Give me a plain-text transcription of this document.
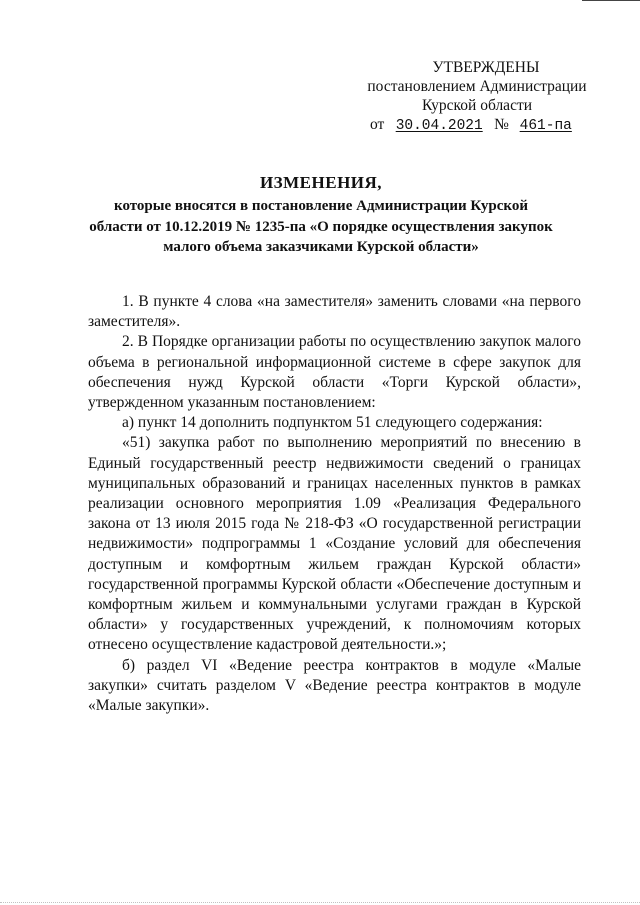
УТВЕРЖДЕНЫ
постановлением Администрации
Курской области
от 30.04.2021 № 461-па
ИЗМЕНЕНИЯ,
которые вносятся в постановление Администрации Курской области от 10.12.2019 № 1235-па «О порядке осуществления закупок малого объема заказчиками Курской области»

1. В пункте 4 слова «на заместителя» заменить словами «на первого заместителя».

2. В Порядке организации работы по осуществлению закупок малого объема в региональной информационной системе в сфере закупок для обеспечения нужд Курской области «Торги Курской области», утвержденном указанным постановлением:

а) пункт 14 дополнить подпунктом 51 следующего содержания:

«51) закупка работ по выполнению мероприятий по внесению в Единый государственный реестр недвижимости сведений о границах муниципальных образований и границах населенных пунктов в рамках реализации основного мероприятия 1.09 «Реализация Федерального закона от 13 июля 2015 года № 218-ФЗ «О государственной регистрации недвижимости» подпрограммы 1 «Создание условий для обеспечения доступным и комфортным жильем граждан Курской области» государственной программы Курской области «Обеспечение доступным и комфортным жильем и коммунальными услугами граждан в Курской области» у государственных учреждений, к полномочиям которых отнесено осуществление кадастровой деятельности.»;

б) раздел VI «Ведение реестра контрактов в модуле «Малые закупки» считать разделом V «Ведение реестра контрактов в модуле «Малые закупки».
